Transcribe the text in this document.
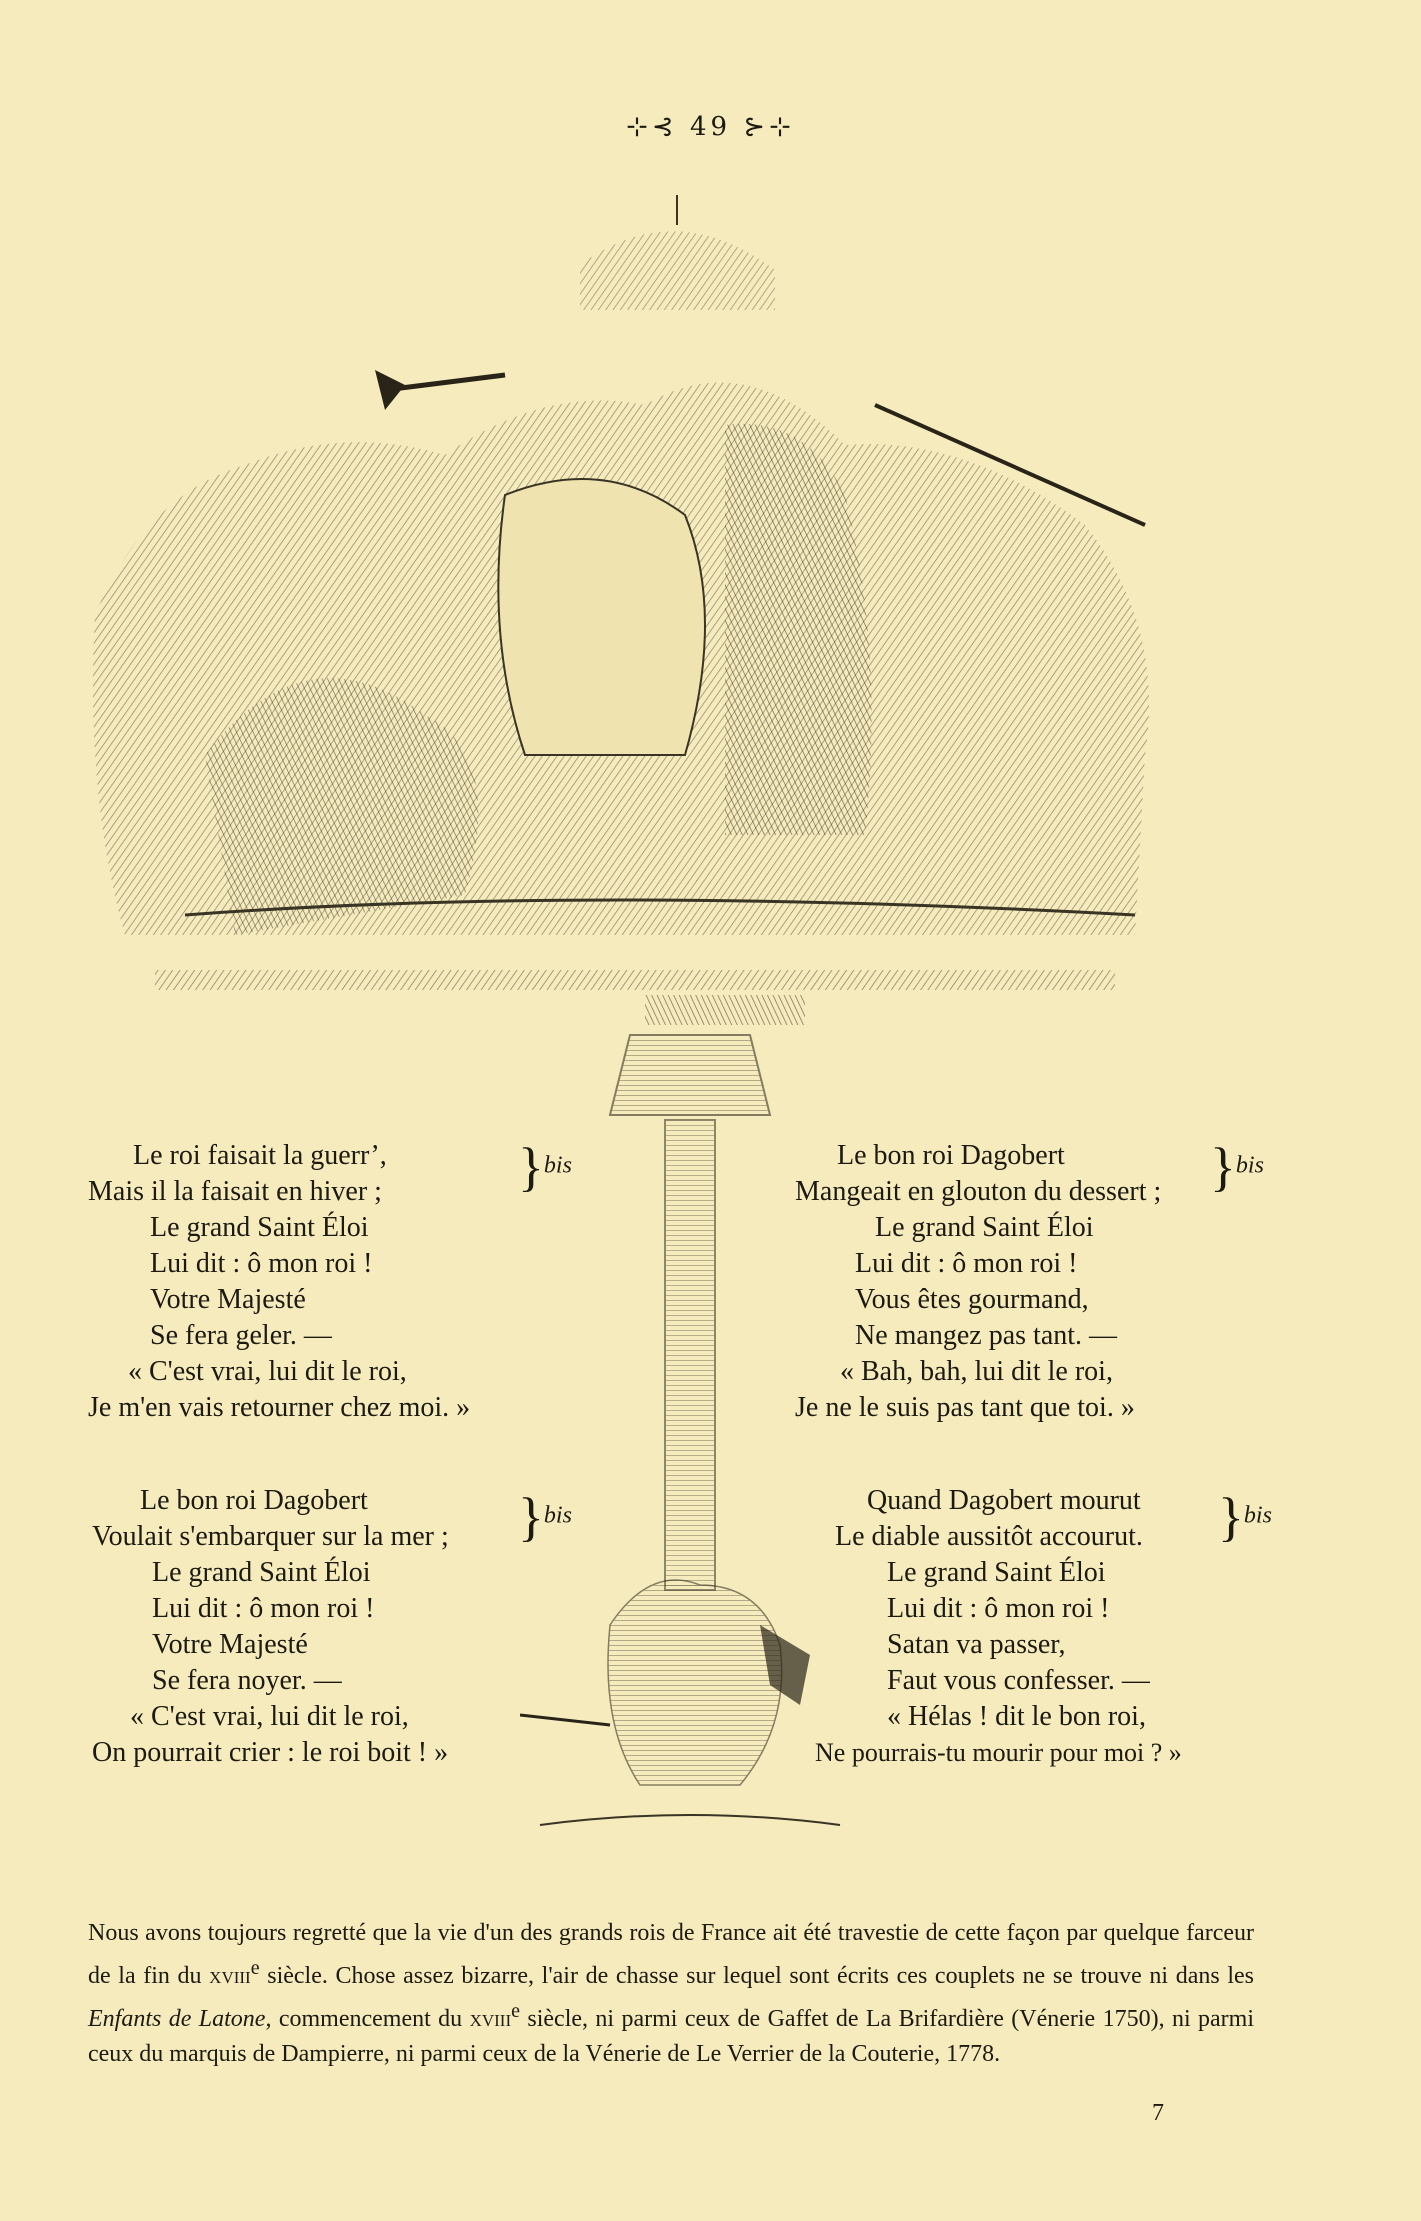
⊹⊰ 49 ⊱⊹
Le roi faisait la guerr’,
Mais il la faisait en hiver ;
Le grand Saint Éloi
Lui dit : ô mon roi !
Votre Majesté
Se fera geler. —
« C'est vrai, lui dit le roi,
Je m'en vais retourner chez moi. »
}bis	Le bon roi Dagobert
Mangeait en glouton du dessert ;
Le grand Saint Éloi
Lui dit : ô mon roi !
Vous êtes gourmand,
Ne mangez pas tant. —
« Bah, bah, lui dit le roi,
Je ne le suis pas tant que toi. »
}bis
Le bon roi Dagobert
Voulait s'embarquer sur la mer ;
Le grand Saint Éloi
Lui dit : ô mon roi !
Votre Majesté
Se fera noyer. —
« C'est vrai, lui dit le roi,
On pourrait crier : le roi boit ! »
}bis	Quand Dagobert mourut
Le diable aussitôt accourut.
Le grand Saint Éloi
Lui dit : ô mon roi !
Satan va passer,
Faut vous confesser. —
« Hélas ! dit le bon roi,
Ne pourrais-tu mourir pour moi ? »
}bis
Nous avons toujours regretté que la vie d'un des grands rois de France ait été travestie de cette façon par quelque farceur de la fin du xviii$^e$ siècle. Chose assez bizarre, l'air de chasse sur lequel sont écrits ces couplets ne se trouve ni dans les Enfants de Latone, commencement du xviii$^e$ siècle, ni parmi ceux de Gaffet de La Brifardière (Vénerie 1750), ni parmi ceux du marquis de Dampierre, ni parmi ceux de la Vénerie de Le Verrier de la Couterie, 1778.
7
